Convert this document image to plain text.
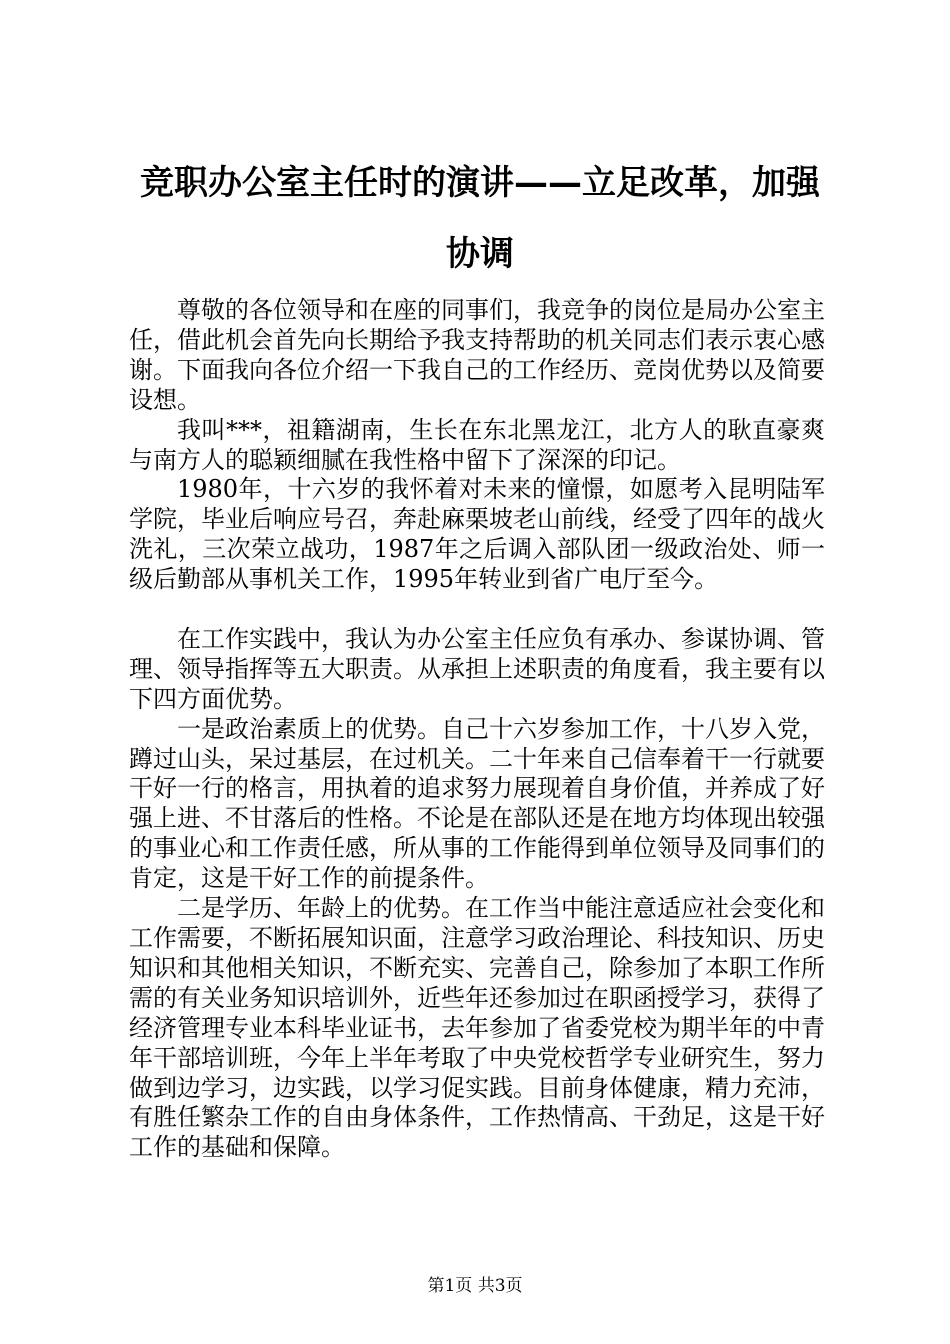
竞职办公室主任时的演讲——立足改革，加强
协调

尊敬的各位领导和在座的同事们，我竞争的岗位是局办公室主任，借此机会首先向长期给予我支持帮助的机关同志们表示衷心感谢。下面我向各位介绍一下我自己的工作经历、竞岗优势以及简要设想。

我叫***，祖籍湖南，生长在东北黑龙江，北方人的耿直豪爽与南方人的聪颖细腻在我性格中留下了深深的印记。

1980年，十六岁的我怀着对未来的憧憬，如愿考入昆明陆军学院，毕业后响应号召，奔赴麻栗坡老山前线，经受了四年的战火洗礼，三次荣立战功，1987年之后调入部队团一级政治处、师一级后勤部从事机关工作，1995年转业到省广电厅至今。

在工作实践中，我认为办公室主任应负有承办、参谋协调、管理、领导指挥等五大职责。从承担上述职责的角度看，我主要有以下四方面优势。

一是政治素质上的优势。自己十六岁参加工作，十八岁入党，蹲过山头，呆过基层，在过机关。二十年来自己信奉着干一行就要干好一行的格言，用执着的追求努力展现着自身价值，并养成了好强上进、不甘落后的性格。不论是在部队还是在地方均体现出较强的事业心和工作责任感，所从事的工作能得到单位领导及同事们的肯定，这是干好工作的前提条件。

二是学历、年龄上的优势。在工作当中能注意适应社会变化和工作需要，不断拓展知识面，注意学习政治理论、科技知识、历史知识和其他相关知识，不断充实、完善自己，除参加了本职工作所需的有关业务知识培训外，近些年还参加过在职函授学习，获得了经济管理专业本科毕业证书，去年参加了省委党校为期半年的中青年干部培训班，今年上半年考取了中央党校哲学专业研究生，努力做到边学习，边实践，以学习促实践。目前身体健康，精力充沛，有胜任繁杂工作的自由身体条件，工作热情高、干劲足，这是干好工作的基础和保障。

第1页 共3页
